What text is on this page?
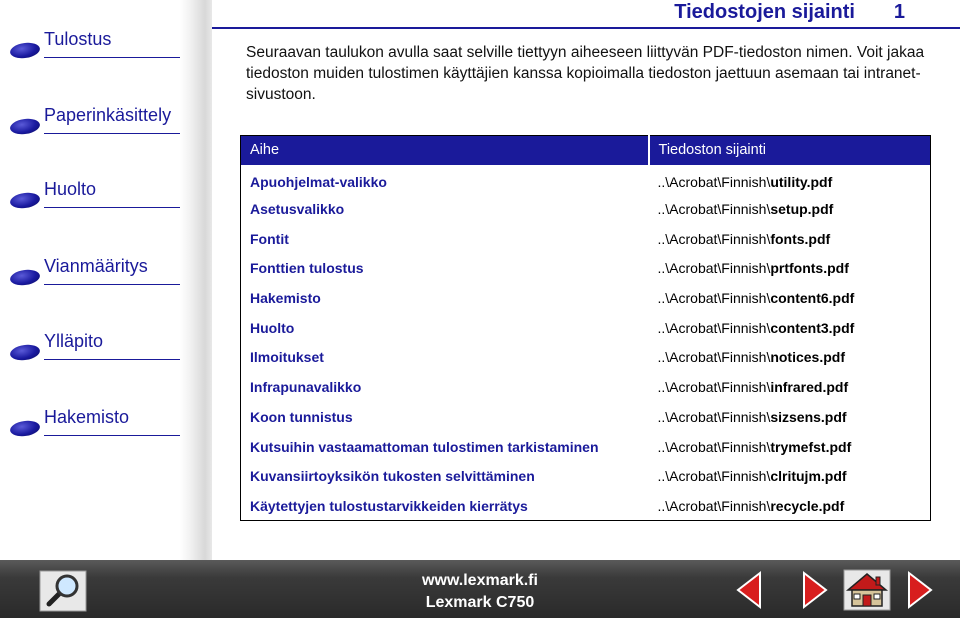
Tiedostojen sijainti 1
Tulostus
Paperinkäsittely
Huolto
Vianmääritys
Ylläpito
Hakemisto

Seuraavan taulukon avulla saat selville tiettyyn aiheeseen liittyvän PDF-tiedoston nimen. Voit jakaa tiedoston muiden tulostimen käyttäjien kanssa kopioimalla tiedoston jaettuun asemaan tai intranet-sivustoon.

Aihe	Tiedoston sijainti
Apuohjelmat-valikko	..\Acrobat\Finnish\utility.pdf
Asetusvalikko	..\Acrobat\Finnish\setup.pdf
Fontit	..\Acrobat\Finnish\fonts.pdf
Fonttien tulostus	..\Acrobat\Finnish\prtfonts.pdf
Hakemisto	..\Acrobat\Finnish\content6.pdf
Huolto	..\Acrobat\Finnish\content3.pdf
Ilmoitukset	..\Acrobat\Finnish\notices.pdf
Infrapunavalikko	..\Acrobat\Finnish\infrared.pdf
Koon tunnistus	..\Acrobat\Finnish\sizsens.pdf
Kutsuihin vastaamattoman tulostimen tarkistaminen	..\Acrobat\Finnish\trymefst.pdf
Kuvansiirtoyksikön tukosten selvittäminen	..\Acrobat\Finnish\clritujm.pdf
Käytettyjen tulostustarvikkeiden kierrätys	..\Acrobat\Finnish\recycle.pdf
www.lexmark.fi
Lexmark C750
